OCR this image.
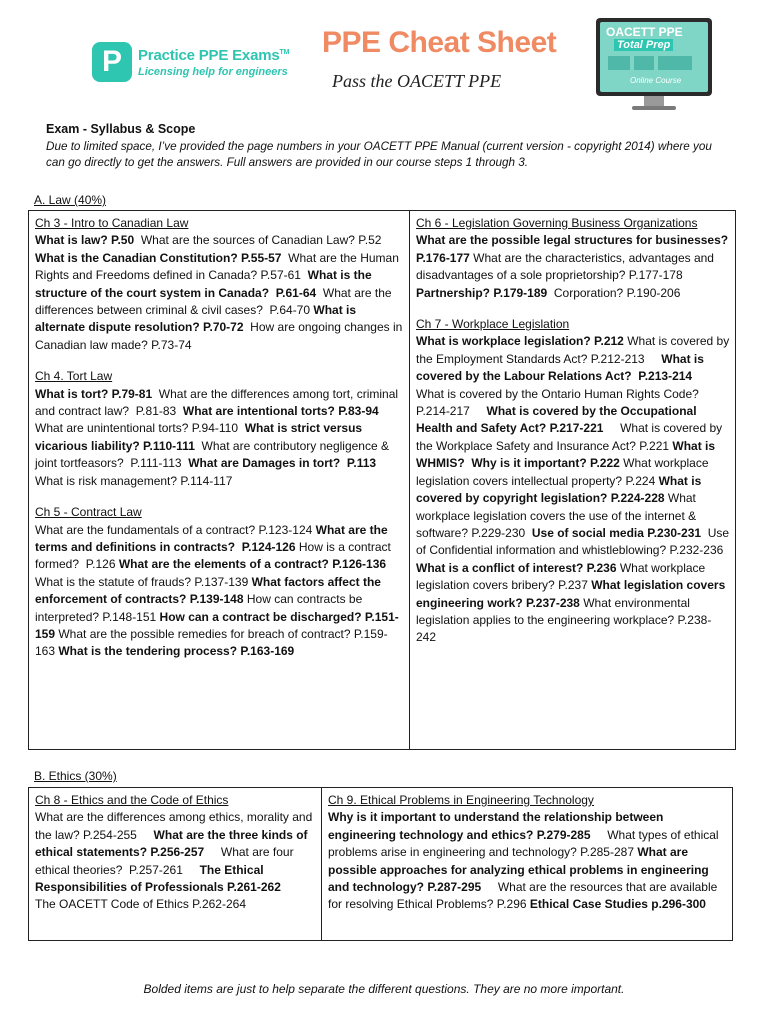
P	Practice PPE Exams™
Licensing help for engineers
PPE Cheat Sheet
Pass the OACETT PPE
OACETT PPE
Total Prep
Online Course
Exam - Syllabus & Scope
Due to limited space, I’ve provided the page numbers in your OACETT PPE Manual (current version - copyright 2014) where you can go directly to get the answers. Full answers are provided in our course steps 1 through 3.
A. Law (40%)
Ch 3 - Intro to Canadian Law
What is law? P.50  What are the sources of Canadian Law? P.52 What is the Canadian Constitution? P.55-57  What are the Human Rights and Freedoms defined in Canada? P.57-61  What is the structure of the court system in Canada?  P.61-64  What are the differences between criminal & civil cases?  P.64-70 What is alternate dispute resolution? P.70-72  How are ongoing changes in Canadian law made? P.73-74
Ch 4. Tort Law
What is tort? P.79-81  What are the differences among tort, criminal and contract law?  P.81-83  What are intentional torts? P.83-94  What are unintentional torts? P.94-110  What is strict versus vicarious liability? P.110-111  What are contributory negligence & joint tortfeasors?  P.111-113  What are Damages in tort?  P.113  What is risk management? P.114-117
Ch 5 - Contract Law
What are the fundamentals of a contract? P.123-124 What are the terms and definitions in contracts?  P.124-126 How is a contract formed?  P.126 What are the elements of a contract? P.126-136 What is the statute of frauds? P.137-139 What factors affect the enforcement of contracts? P.139-148 How can contracts be interpreted? P.148-151 How can a contract be discharged? P.151-159 What are the possible remedies for breach of contract? P.159-163 What is the tendering process? P.163-169
Ch 6 - Legislation Governing Business Organizations
What are the possible legal structures for businesses? P.176-177 What are the characteristics, advantages and disadvantages of a sole proprietorship? P.177-178 Partnership? P.179-189  Corporation? P.190-206
Ch 7 - Workplace Legislation
What is workplace legislation? P.212 What is covered by the Employment Standards Act? P.212-213     What is covered by the Labour Relations Act?  P.213-214     What is covered by the Ontario Human Rights Code? P.214-217     What is covered by the Occupational Health and Safety Act? P.217-221     What is covered by the Workplace Safety and Insurance Act? P.221 What is WHMIS?  Why is it important? P.222 What workplace legislation covers intellectual property? P.224 What is covered by copyright legislation? P.224-228 What workplace legislation covers the use of the internet & software? P.229-230  Use of social media P.230-231  Use of Confidential information and whistleblowing? P.232-236 What is a conflict of interest? P.236 What workplace legislation covers bribery? P.237 What legislation covers engineering work? P.237-238 What environmental legislation applies to the engineering workplace? P.238-242
B. Ethics (30%)
Ch 8 - Ethics and the Code of Ethics
What are the differences among ethics, morality and the law? P.254-255     What are the three kinds of ethical statements? P.256-257     What are four ethical theories?  P.257-261     The Ethical Responsibilities of Professionals P.261-262     The OACETT Code of Ethics P.262-264
Ch 9. Ethical Problems in Engineering Technology
Why is it important to understand the relationship between engineering technology and ethics? P.279-285     What types of ethical problems arise in engineering and technology? P.285-287 What are possible approaches for analyzing ethical problems in engineering and technology? P.287-295     What are the resources that are available for resolving Ethical Problems? P.296 Ethical Case Studies p.296-300
Bolded items are just to help separate the different questions. They are no more important.
